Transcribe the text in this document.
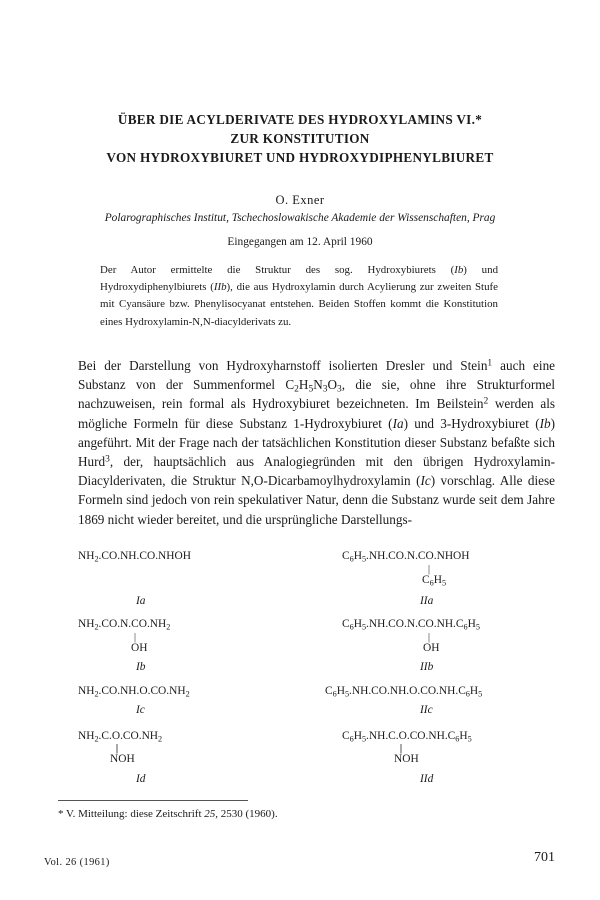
ÜBER DIE ACYLDERIVATE DES HYDROXYLAMINS VI.*

ZUR KONSTITUTION

VON HYDROXYBIURET UND HYDROXYDIPHENYLBIURET

O. Exner
Polarographisches Institut, Tschechoslowakische Akademie der Wissenschaften, Prag
Eingegangen am 12. April 1960

Der Autor ermittelte die Struktur des sog. Hydroxybiurets (Ib) und Hydroxydiphenylbiurets (IIb), die aus Hydroxylamin durch Acylierung zur zweiten Stufe mit Cyansäure bzw. Phenylisocyanat entstehen. Beiden Stoffen kommt die Konstitution eines Hydroxylamin-N,N-diacylderivats zu.

Bei der Darstellung von Hydroxyharnstoff isolierten Dresler und Stein$^1$ auch eine Substanz von der Summenformel $C_2H_5N_3O_3$, die sie, ohne ihre Strukturformel nachzuweisen, rein formal als Hydroxybiuret bezeichneten. Im Beilstein$^2$ werden als mögliche Formeln für diese Substanz 1-Hydroxybiuret (Ia) und 3-Hydroxybiuret (Ib) angeführt. Mit der Frage nach der tatsächlichen Konstitution dieser Substanz befaßte sich Hurd$^3$, der, hauptsächlich aus Analogiegründen mit den übrigen Hydroxylamin-Diacylderivaten, die Struktur N,O-Dicarbamoylhydroxylamin (Ic) vorschlag. Alle diese Formeln sind jedoch von rein spekulativer Natur, denn die Substanz wurde seit dem Jahre 1869 nicht wieder bereitet, und die ursprüngliche Darstellungs-

$NH_2.CO.NH.CO.NHOH$
Ia
$NH_2.CO.N.CO.NH_2$
|
OH
Ib
$NH_2.CO.NH.O.CO.NH_2$
Ic
$NH_2.C.O.CO.NH_2$
||
NOH
Id
$C_6H_5.NH.CO.N.CO.NHOH$
|
$C_6H_5$
IIa
$C_6H_5.NH.CO.N.CO.NH.C_6H_5$
|
OH
IIb
$C_6H_5.NH.CO.NH.O.CO.NH.C_6H_5$
IIc
$C_6H_5.NH.C.O.CO.NH.C_6H_5$
||
NOH
IId
* V. Mitteilung: diese Zeitschrift 25, 2530 (1960).
Vol. 26 (1961)	701
